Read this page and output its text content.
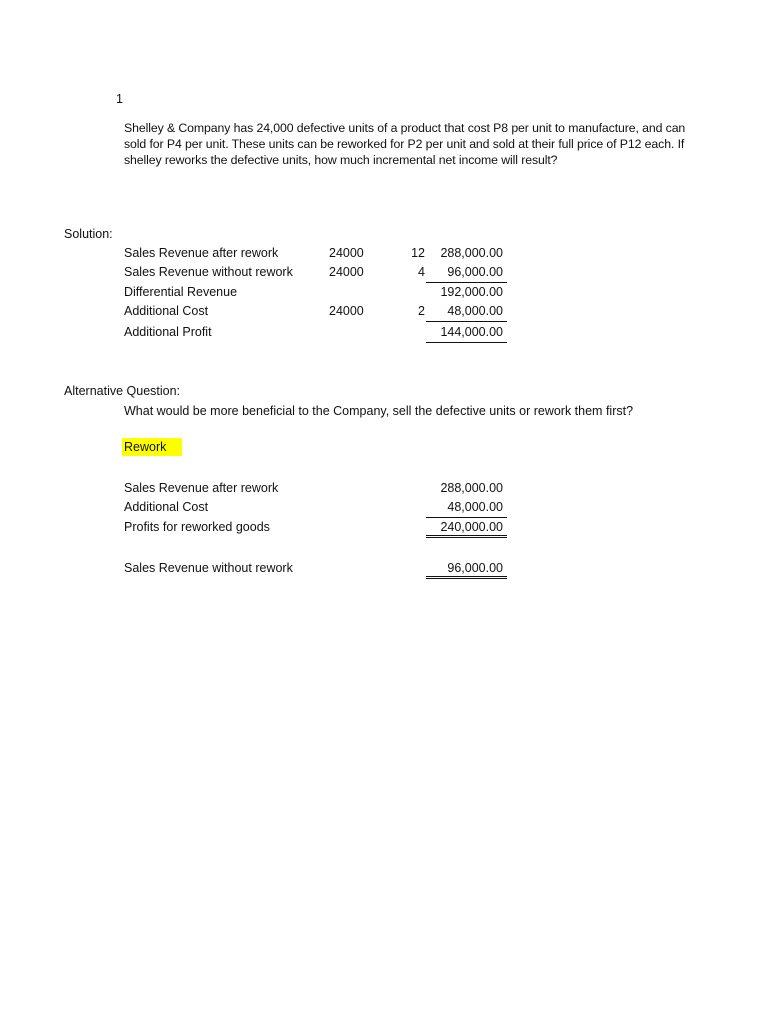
1
Shelley & Company has 24,000 defective units of a product that cost P8 per unit to manufacture, and can sold for P4 per unit. These units can be reworked for P2 per unit and sold at their full price of P12 each. If shelley reworks the defective units, how much incremental net income will result?
Solution:
Sales Revenue after rework	24000	12	288,000.00
Sales Revenue without rework	24000	4	96,000.00
Differential Revenue	192,000.00
Additional Cost	24000	2	48,000.00
Additional Profit	144,000.00
Alternative Question:
What would be more beneficial to the Company, sell the defective units or rework them first?
Rework
Sales Revenue after rework	288,000.00
Additional Cost	48,000.00
Profits for reworked goods	240,000.00
Sales Revenue without rework	96,000.00
